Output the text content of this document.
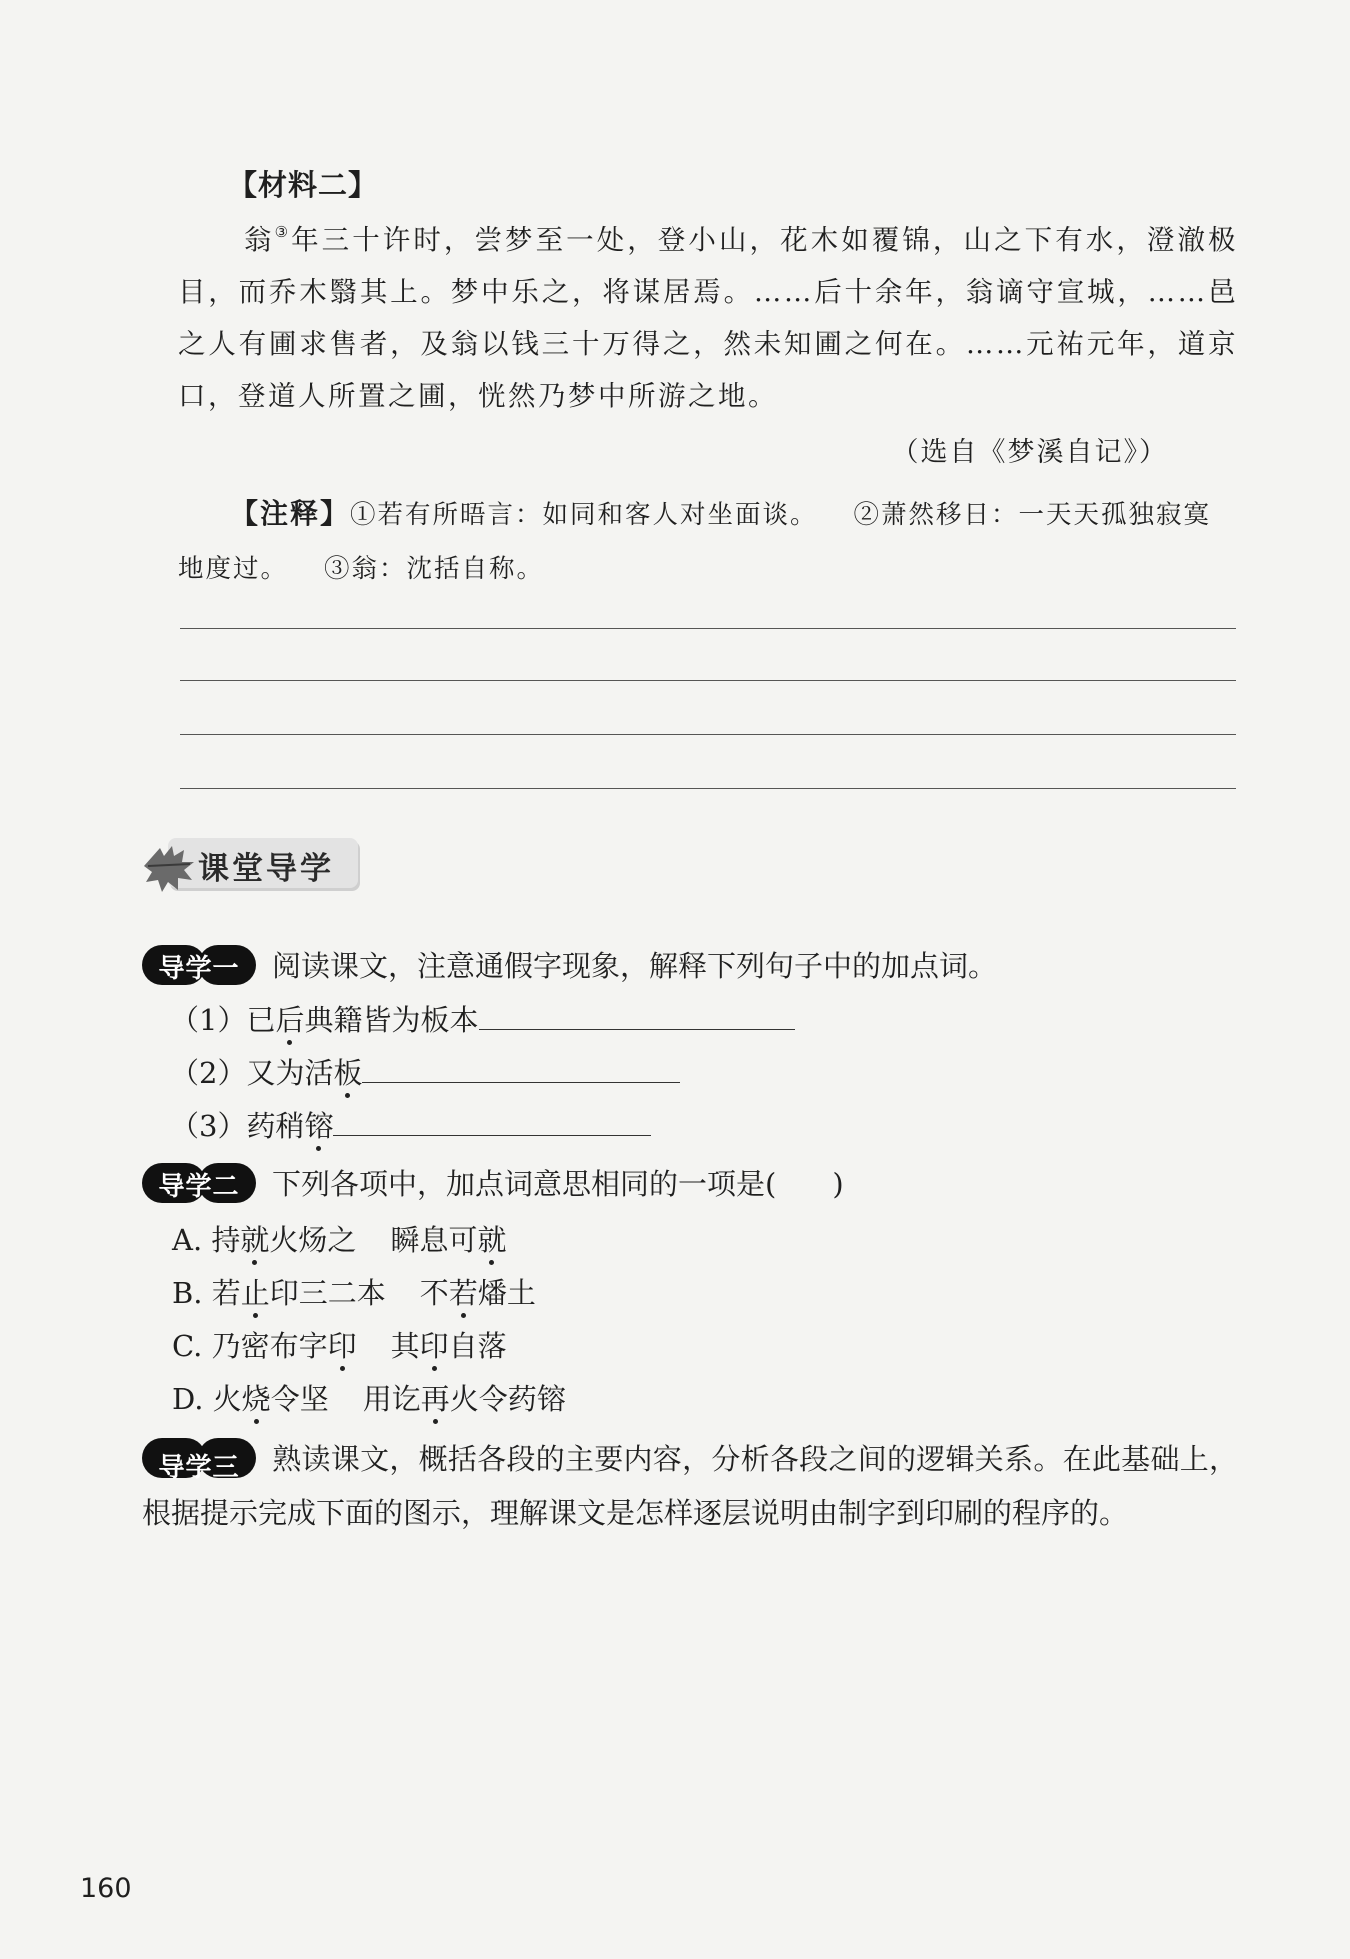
【材料二】

翁③年三十许时，尝梦至一处，登小山，花木如覆锦，山之下有水，澄澈极目，而乔木翳其上。梦中乐之，将谋居焉。……后十余年，翁谪守宣城，……邑之人有圃求售者，及翁以钱三十万得之，然未知圃之何在。……元祐元年，道京口，登道人所置之圃，恍然乃梦中所游之地。

（选自《梦溪自记》）

【注释】①若有所晤言：如同和客人对坐面谈。 ②萧然移日：一天天孤独寂寞地度过。 ③翁：沈括自称。

课堂导学
导学一	阅读课文，注意通假字现象，解释下列句子中的加点词。
（1）已后典籍皆为板本
（2）又为活板
（3）药稍镕
导学二	下列各项中，加点词意思相同的一项是( )
A. 持就火炀之 瞬息可就
B. 若止印三二本 不若燔土
C. 乃密布字印 其印自落
D. 火烧令坚 用讫再火令药镕

导学三	熟读课文，概括各段的主要内容，分析各段之间的逻辑关系。在此基础上，根据提示完成下面的图示，理解课文是怎样逐层说明由制字到印刷的程序的。

160
